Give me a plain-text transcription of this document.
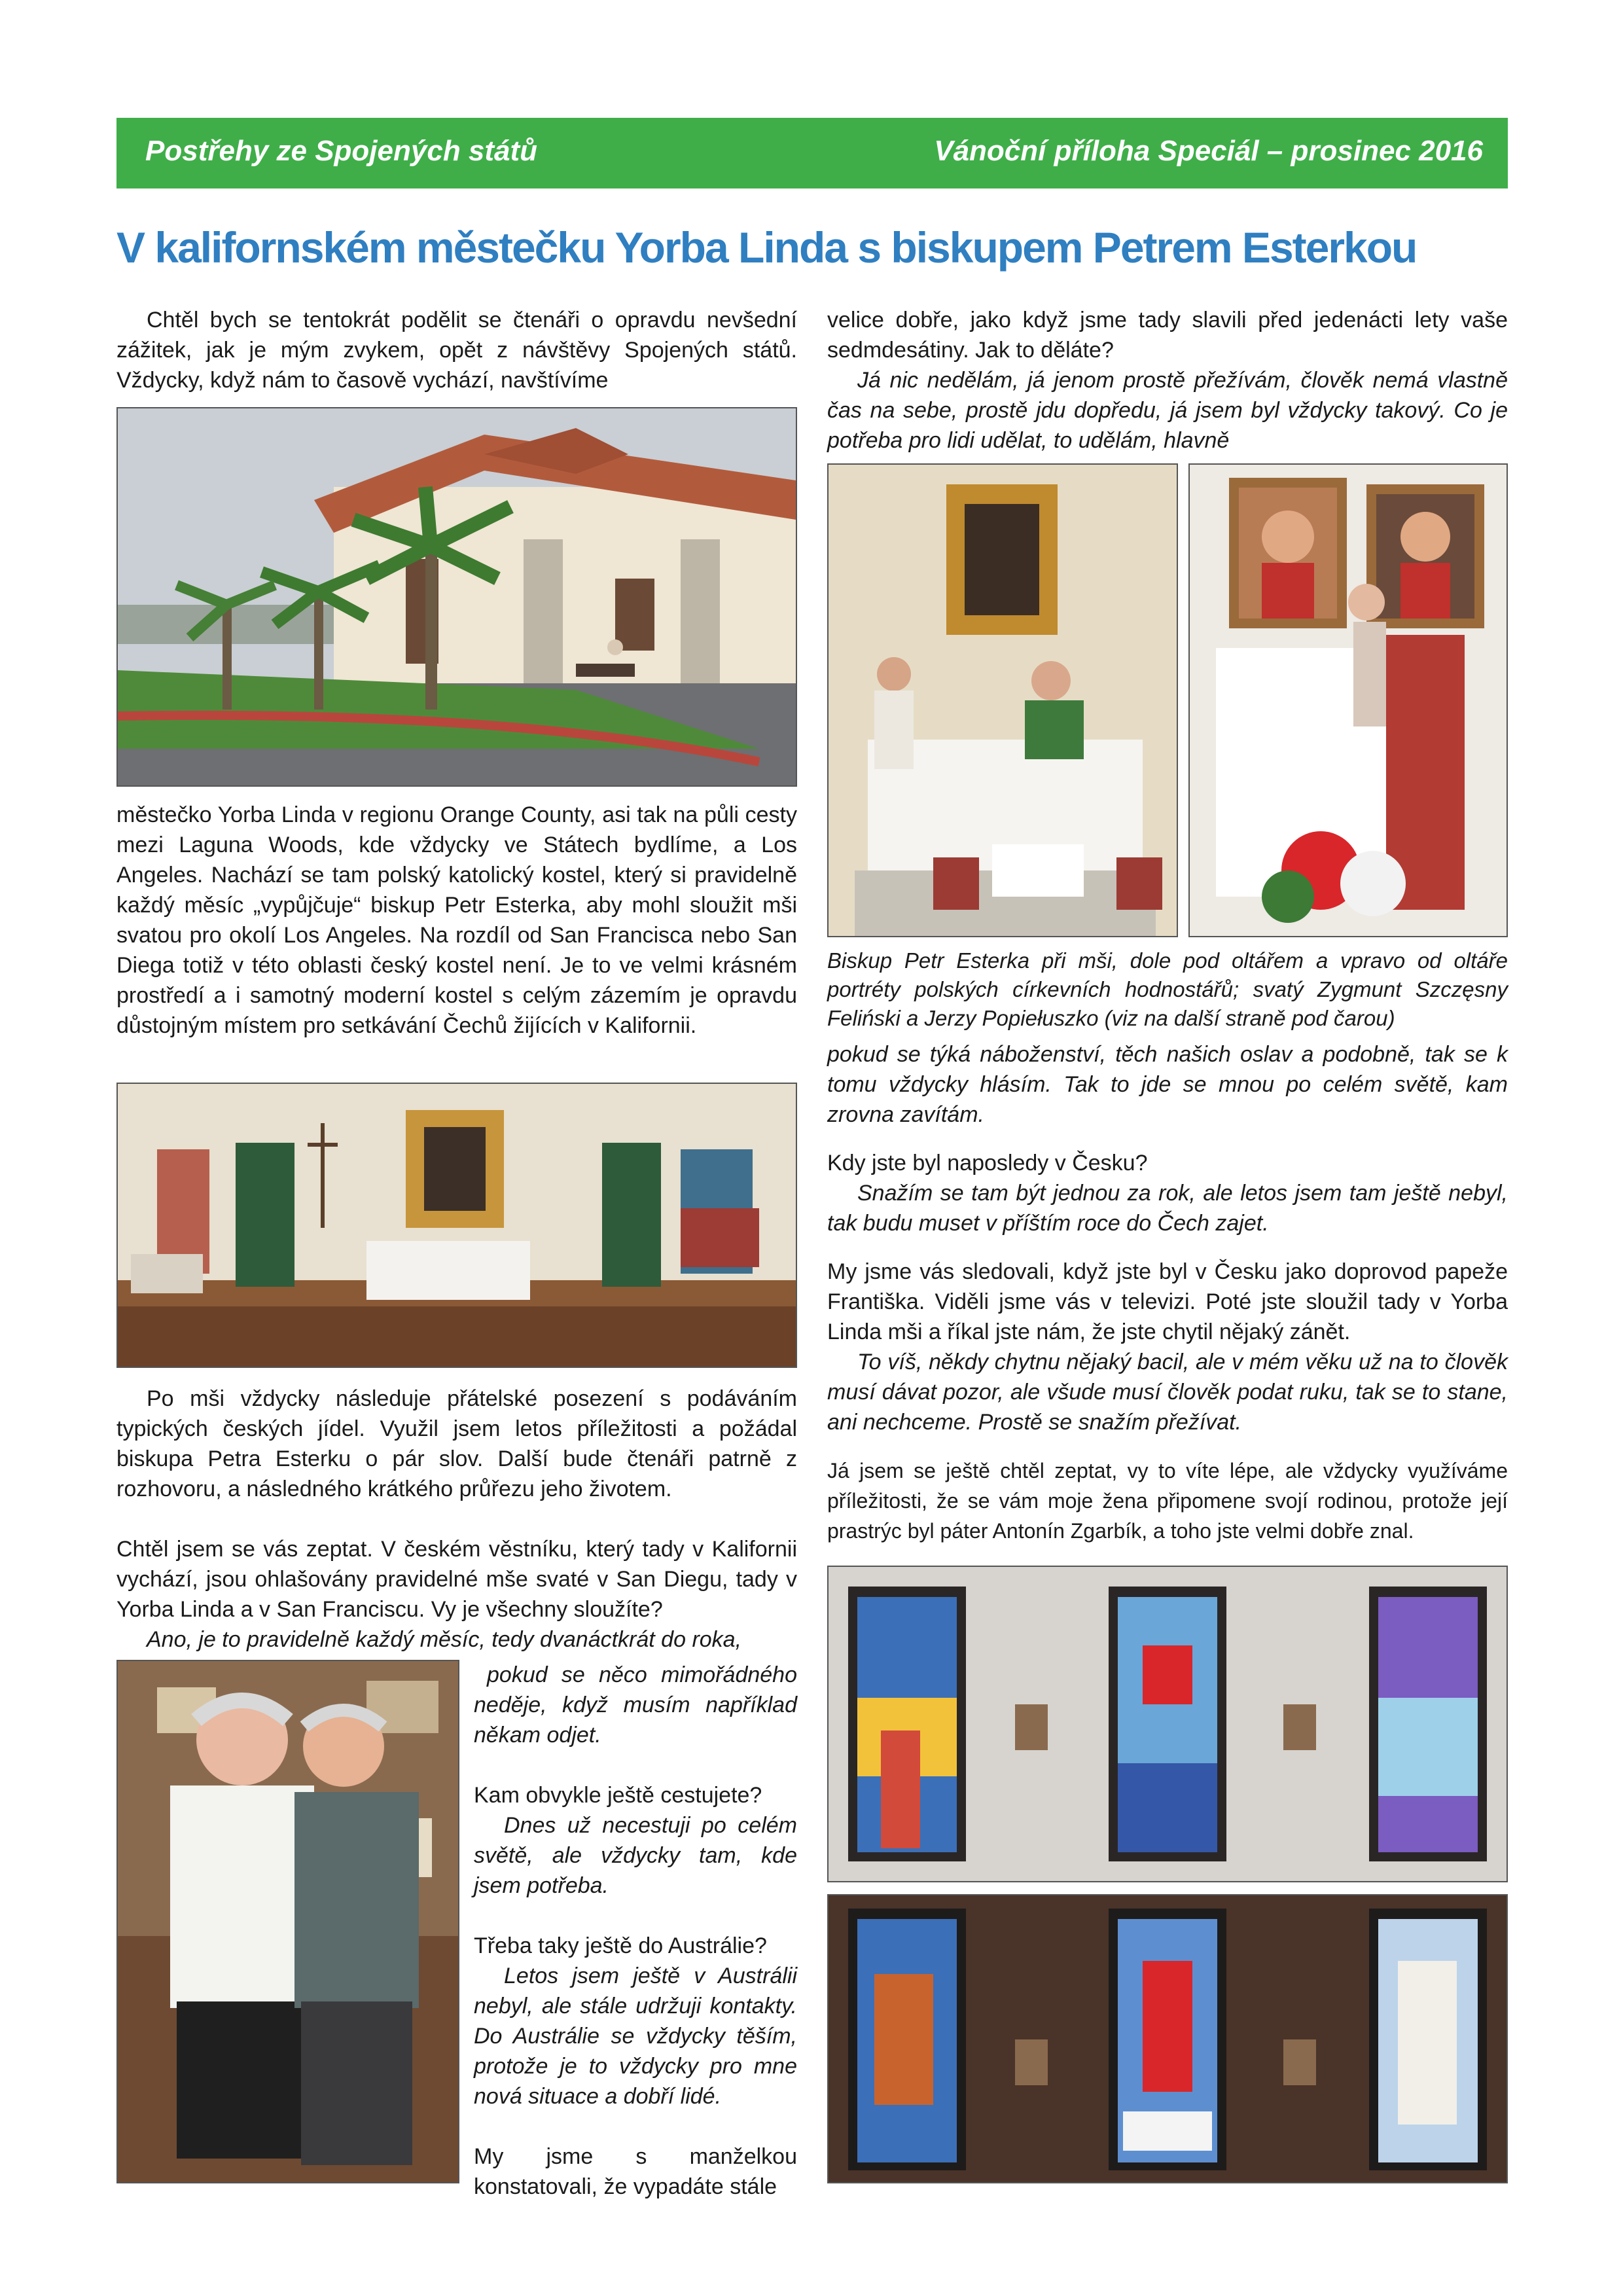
Postřehy ze Spojených států	Vánoční příloha Speciál – prosinec 2016
V kalifornském městečku Yorba Linda s biskupem Petrem Esterkou

Chtěl bych se tentokrát podělit se čtenáři o opravdu nevšední zážitek, jak je mým zvykem, opět z návštěvy Spojených států. Vždycky, když nám to časově vychází, navštívíme

městečko Yorba Linda v regionu Orange County, asi tak na půli cesty mezi Laguna Woods, kde vždycky ve Státech bydlíme, a Los Angeles. Nachází se tam polský katolický kostel, který si pravidelně každý měsíc „vypůjčuje“ biskup Petr Esterka, aby mohl sloužit mši svatou pro okolí Los Angeles. Na rozdíl od San Francisca nebo San Diega totiž v této oblasti český kostel není. Je to ve velmi krásném prostředí a i samotný moderní kostel s celým zázemím je opravdu důstojným místem pro setkávání Čechů žijících v Kalifornii.

Po mši vždycky následuje přátelské posezení s podáváním typických českých jídel. Využil jsem letos příležitosti a požádal biskupa Petra Esterku o pár slov. Další bude čtenáři patrně z rozhovoru, a následného krátkého průřezu jeho životem.

Chtěl jsem se vás zeptat. V českém věstníku, který tady v Kalifornii vychází, jsou ohlašovány pravidelné mše svaté v San Diegu, tady v Yorba Linda a v San Franciscu. Vy je všechny sloužíte?

Ano, je to pravidelně každý měsíc, tedy dvanáctkrát do roka,

pokud se něco mimořádného neděje, když musím například někam odjet.

Kam obvykle ještě cestujete?

Dnes už necestuji po celém světě, ale vždycky tam, kde jsem potřeba.

Třeba taky ještě do Austrálie?

Letos jsem ještě v Austrálii nebyl, ale stále udržuji kontakty. Do Austrálie se vždycky těším, protože je to vždycky pro mne nová situace a dobří lidé.

My jsme s manželkou konstatovali, že vypadáte stále

velice dobře, jako když jsme tady slavili před jedenácti lety vaše sedmdesátiny. Jak to děláte?

Já nic nedělám, já jenom prostě přežívám, člověk nemá vlastně čas na sebe, prostě jdu dopředu, já jsem byl vždycky takový. Co je potřeba pro lidi udělat, to udělám, hlavně

Biskup Petr Esterka při mši, dole pod oltářem a vpravo od oltáře portréty polských církevních hodnostářů; svatý Zygmunt Szczęsny Feliński a Jerzy Popiełuszko (viz na další straně pod čarou)

pokud se týká náboženství, těch našich oslav a podobně, tak se k tomu vždycky hlásím. Tak to jde se mnou po celém světě, kam zrovna zavítám.

Kdy jste byl naposledy v Česku?

Snažím se tam být jednou za rok, ale letos jsem tam ještě nebyl, tak budu muset v příštím roce do Čech zajet.

My jsme vás sledovali, když jste byl v Česku jako doprovod papeže Františka. Viděli jsme vás v televizi. Poté jste sloužil tady v Yorba Linda mši a říkal jste nám, že jste chytil nějaký zánět.

To víš, někdy chytnu nějaký bacil, ale v mém věku už na to člověk musí dávat pozor, ale všude musí člověk podat ruku, tak se to stane, ani nechceme. Prostě se snažím přežívat.

Já jsem se ještě chtěl zeptat, vy to víte lépe, ale vždycky využíváme příležitosti, že se vám moje žena připomene svojí rodinou, protože její prastrýc byl páter Antonín Zgarbík, a toho jste velmi dobře znal.
